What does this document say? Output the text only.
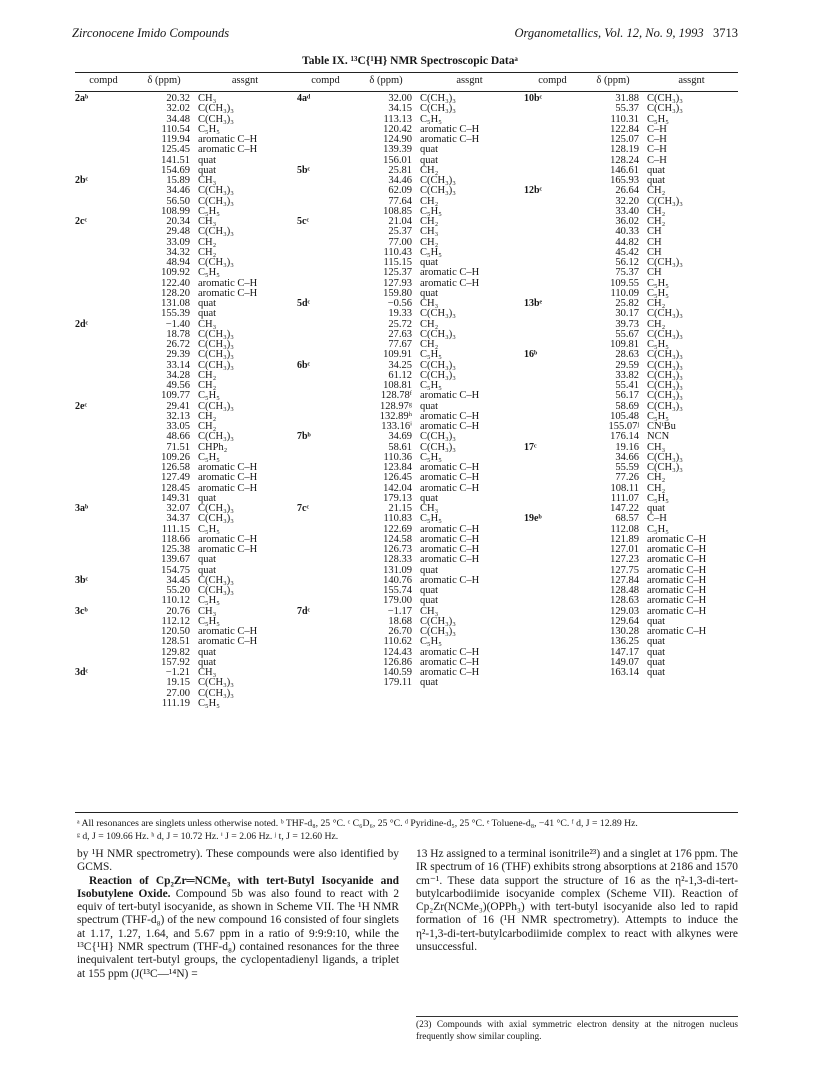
Zirconocene Imido Compounds	Organometallics, Vol. 12, No. 9, 1993 3713
Table IX. ¹³C{¹H} NMR Spectroscopic Dataᵃ
compd	δ (ppm)	assgnt	compd	δ (ppm)	assgnt	compd	δ (ppm)	assgnt
2aᵇ	20.32 CH₃
32.02 C(CH₃)₃
34.48 C(CH₃)₃
110.54 C₅H₅
119.94 aromatic C–H
125.45 aromatic C–H
141.51 quat
154.69 quat
2bᶜ	15.89 CH₃
34.46 C(CH₃)₃
56.50 C(CH₃)₃
108.99 C₅H₅
2cᶜ	20.34 CH₃
29.48 C(CH₃)₃
33.09 CH₂
34.32 CH₂
48.94 C(CH₃)₃
109.92 C₅H₅
122.40 aromatic C–H
128.20 aromatic C–H
131.08 quat
155.39 quat
2dᶜ	−1.40 CH₃
18.78 C(CH₃)₃
26.72 C(CH₃)₃
29.39 C(CH₃)₃
33.14 C(CH₃)₃
34.28 CH₂
49.56 CH₂
109.77 C₅H₅
2eᶜ	29.41 C(CH₃)₃
32.13 CH₂
33.05 CH₂
48.66 C(CH₃)₃
71.51 CHPh₂
109.26 C₅H₅
126.58 aromatic C–H
127.49 aromatic C–H
128.45 aromatic C–H
149.31 quat
3aᵇ	32.07 C(CH₃)₃
34.37 C(CH₃)₃
111.15 C₅H₅
118.66 aromatic C–H
125.38 aromatic C–H
139.67 quat
154.75 quat
3bᶜ	34.45 C(CH₃)₃
55.20 C(CH₃)₃
110.12 C₅H₅
3cᵇ	20.76 CH₃
112.12 C₅H₅
120.50 aromatic C–H
128.51 aromatic C–H
129.82 quat
157.92 quat
3dᶜ	−1.21 CH₃
19.15 C(CH₃)₃
27.00 C(CH₃)₃
111.19 C₅H₅
4aᵈ	32.00 C(CH₃)₃
34.15 C(CH₃)₃
113.13 C₅H₅
120.42 aromatic C–H
124.90 aromatic C–H
139.39 quat
156.01 quat
5bᶜ	25.81 CH₂
34.46 C(CH₃)₃
62.09 C(CH₃)₃
77.64 CH₂
108.85 C₅H₅
5cᶜ	21.04 CH₂
25.37 CH₃
77.00 CH₂
110.43 C₅H₅
115.15 quat
125.37 aromatic C–H
127.93 aromatic C–H
159.80 quat
5dᶜ	−0.56 CH₃
19.33 C(CH₃)₃
25.72 CH₂
27.63 C(CH₃)₃
77.67 CH₂
109.91 C₅H₅
6bᶜ	34.25 C(CH₃)₃
61.12 C(CH₃)₃
108.81 C₅H₅
128.78ᶠ aromatic C–H
128.97ᵍ quat
132.89ʰ aromatic C–H
133.16ⁱ aromatic C–H
7bᵇ	34.69 C(CH₃)₃
58.61 C(CH₃)₃
110.36 C₅H₅
123.84 aromatic C–H
126.45 aromatic C–H
142.04 aromatic C–H
179.13 quat
7cᶜ	21.15 CH₃
110.83 C₅H₅
122.69 aromatic C–H
124.58 aromatic C–H
126.73 aromatic C–H
128.33 aromatic C–H
131.09 quat
140.76 aromatic C–H
155.74 quat
179.00 quat
7dᶜ	−1.17 CH₃
18.68 C(CH₃)₃
26.70 C(CH₃)₃
110.62 C₅H₅
124.43 aromatic C–H
126.86 aromatic C–H
140.59 aromatic C–H
179.11 quat
10bᶜ	31.88 C(CH₃)₃
55.37 C(CH₃)₃
110.31 C₅H₅
122.84 C–H
125.07 C–H
128.19 C–H
128.24 C–H
146.61 quat
165.93 quat
12bᶜ	26.64 CH₂
32.20 C(CH₃)₃
33.40 CH₂
36.02 CH₂
40.33 CH
44.82 CH
45.42 CH
56.12 C(CH₃)₃
75.37 CH
109.55 C₅H₅
110.09 C₅H₅
13bᵉ	25.82 CH₂
30.17 C(CH₃)₃
39.73 CH₂
55.67 C(CH₃)₃
109.81 C₅H₅
16ᵇ	28.63 C(CH₃)₃
29.59 C(CH₃)₃
33.82 C(CH₃)₃
55.41 C(CH₃)₃
56.17 C(CH₃)₃
58.69 C(CH₃)₃
105.48 C₅H₅
155.07ʲ CNᵗBu
176.14 NCN
17ᶜ	19.16 CH₃
34.66 C(CH₃)₃
55.59 C(CH₃)₃
77.26 CH₂
108.11 CH₂
111.07 C₅H₅
147.22 quat
19eᵇ	68.57 C–H
112.08 C₅H₅
121.89 aromatic C–H
127.01 aromatic C–H
127.23 aromatic C–H
127.75 aromatic C–H
127.84 aromatic C–H
128.48 aromatic C–H
128.63 aromatic C–H
129.03 aromatic C–H
129.64 quat
130.28 aromatic C–H
136.25 quat
147.17 quat
149.07 quat
163.14 quat
ᵃ All resonances are singlets unless otherwise noted. ᵇ THF-d₈, 25 °C. ᶜ C₆D₆, 25 °C. ᵈ Pyridine-d₅, 25 °C. ᵉ Toluene-d₈, −41 °C. ᶠ d, J = 12.89 Hz.
ᵍ d, J = 109.66 Hz. ʰ d, J = 10.72 Hz. ⁱ J = 2.06 Hz. ʲ t, J = 12.60 Hz.

by ¹H NMR spectrometry). These compounds were also identified by GCMS.

Reaction of Cp₂Zr═NCMe₃ with tert-Butyl Isocyanide and Isobutylene Oxide. Compound 5b was also found to react with 2 equiv of tert-butyl isocyanide, as shown in Scheme VII. The ¹H NMR spectrum (THF-d₈) of the new compound 16 consisted of four singlets at 1.17, 1.27, 1.64, and 5.67 ppm in a ratio of 9:9:9:10, while the ¹³C{¹H} NMR spectrum (THF-d₈) contained resonances for the three inequivalent tert-butyl groups, the cyclopentadienyl ligands, a triplet at 155 ppm (J(¹³C—¹⁴N) =

13 Hz assigned to a terminal isonitrile²³) and a singlet at 176 ppm. The IR spectrum of 16 (THF) exhibits strong absorptions at 2186 and 1570 cm⁻¹. These data support the structure of 16 as the η²-1,3-di-tert-butylcarbodiimide isocyanide complex (Scheme VII). Reaction of Cp₂Zr(NCMe₃)(OPPh₃) with tert-butyl isocyanide also led to rapid formation of 16 (¹H NMR spectrometry). Attempts to induce the η²-1,3-di-tert-butylcarbodiimide complex to react with alkynes were unsuccessful.

(23) Compounds with axial symmetric electron density at the nitrogen nucleus frequently show similar coupling.
